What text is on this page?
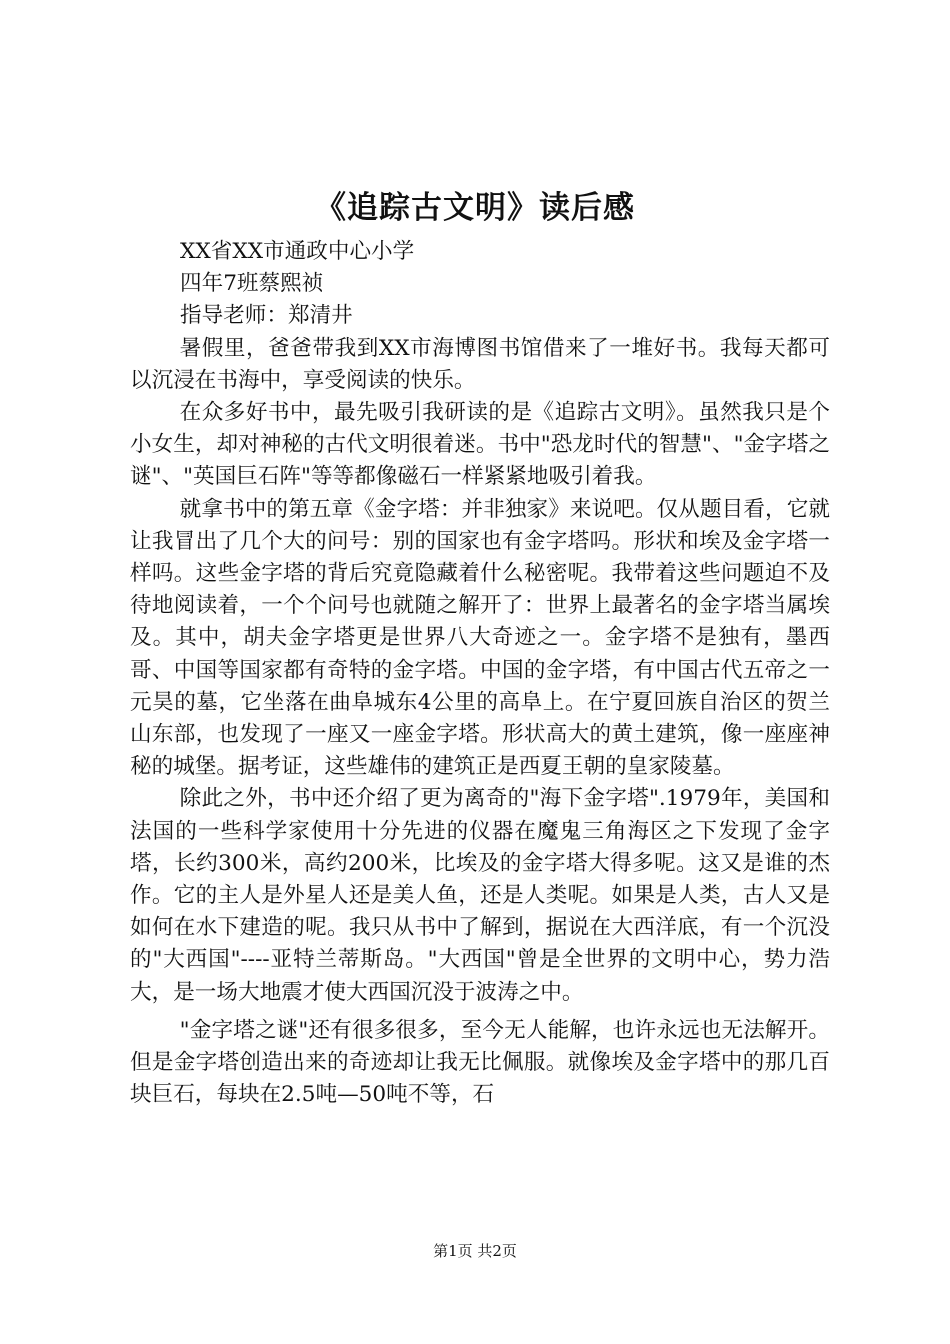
《追踪古文明》读后感

XX省XX市通政中心小学

四年7班蔡熙祯

指导老师：郑清井

暑假里，爸爸带我到XX市海博图书馆借来了一堆好书。我每天都可以沉浸在书海中，享受阅读的快乐。

在众多好书中，最先吸引我研读的是《追踪古文明》。虽然我只是个小女生，却对神秘的古代文明很着迷。书中"恐龙时代的智慧"、"金字塔之谜"、"英国巨石阵"等等都像磁石一样紧紧地吸引着我。

就拿书中的第五章《金字塔：并非独家》来说吧。仅从题目看，它就让我冒出了几个大的问号：别的国家也有金字塔吗。形状和埃及金字塔一样吗。这些金字塔的背后究竟隐藏着什么秘密呢。我带着这些问题迫不及待地阅读着，一个个问号也就随之解开了：世界上最著名的金字塔当属埃及。其中，胡夫金字塔更是世界八大奇迹之一。金字塔不是独有，墨西哥、中国等国家都有奇特的金字塔。中国的金字塔，有中国古代五帝之一元昊的墓，它坐落在曲阜城东4公里的高阜上。在宁夏回族自治区的贺兰山东部，也发现了一座又一座金字塔。形状高大的黄土建筑，像一座座神秘的城堡。据考证，这些雄伟的建筑正是西夏王朝的皇家陵墓。

除此之外，书中还介绍了更为离奇的"海下金字塔".1979年，美国和法国的一些科学家使用十分先进的仪器在魔鬼三角海区之下发现了金字塔，长约300米，高约200米，比埃及的金字塔大得多呢。这又是谁的杰作。它的主人是外星人还是美人鱼，还是人类呢。如果是人类，古人又是如何在水下建造的呢。我只从书中了解到，据说在大西洋底，有一个沉没的"大西国"----亚特兰蒂斯岛。"大西国"曾是全世界的文明中心，势力浩大，是一场大地震才使大西国沉没于波涛之中。

"金字塔之谜"还有很多很多，至今无人能解，也许永远也无法解开。但是金字塔创造出来的奇迹却让我无比佩服。就像埃及金字塔中的那几百块巨石，每块在2.5吨—50吨不等，石

第1页 共2页
